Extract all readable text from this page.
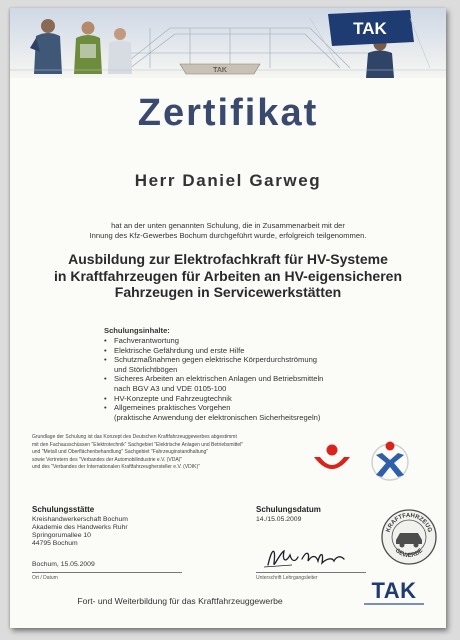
TAK
TAK
Zertifikat
Herr Daniel Garweg
hat an der unten genannten Schulung, die in Zusammenarbeit mit der
Innung des Kfz-Gewerbes Bochum durchgeführt wurde, erfolgreich teilgenommen.
Ausbildung zur Elektrofachkraft für HV-Systeme
in Kraftfahrzeugen für Arbeiten an HV-eigensicheren
Fahrzeugen in Servicewerkstätten
Schulungsinhalte:
• Fachverantwortung
• Elektrische Gefährdung und erste Hilfe
• Schutzmaßnahmen gegen elektrische Körperdurchströmung
und Störlichtbögen
• Sicheres Arbeiten an elektrischen Anlagen und Betriebsmitteln
nach BGV A3 und VDE 0105-100
• HV-Konzepte und Fahrzeugtechnik
• Allgemeines praktisches Vorgehen
(praktische Anwendung der elektronischen Sicherheitsregeln)
Grundlage der Schulung ist das Konzept des Deutschen Kraftfahrzeuggewerbes abgestimmt
mit den Fachausschüssen "Elektrotechnik" Sachgebiet "Elektrische Anlagen und Betriebsmittel"
und "Metall und Oberflächenbehandlung" Sachgebiet "Fahrzeuginstandhaltung"
sowie Vertretern des "Verbandes der Automobilindustrie e.V. (VDA)"
und des "Verbandes der Internationalen Kraftfahrzeughersteller e.V. (VDIK)"
Schulungsstätte	Schulungsdatum
Kreishandwerkerschaft Bochum
Akademie des Handwerks Ruhr
Springorumallee 10
44795 Bochum
14./15.05.2009
Bochum, 15.05.2009
Ort / Datum	Unterschrift Lehrgangsleiter
KRAFTFAHRZEUG
GEWERBE
Fort- und Weiterbildung für das Kraftfahrzeuggewerbe	TAK
